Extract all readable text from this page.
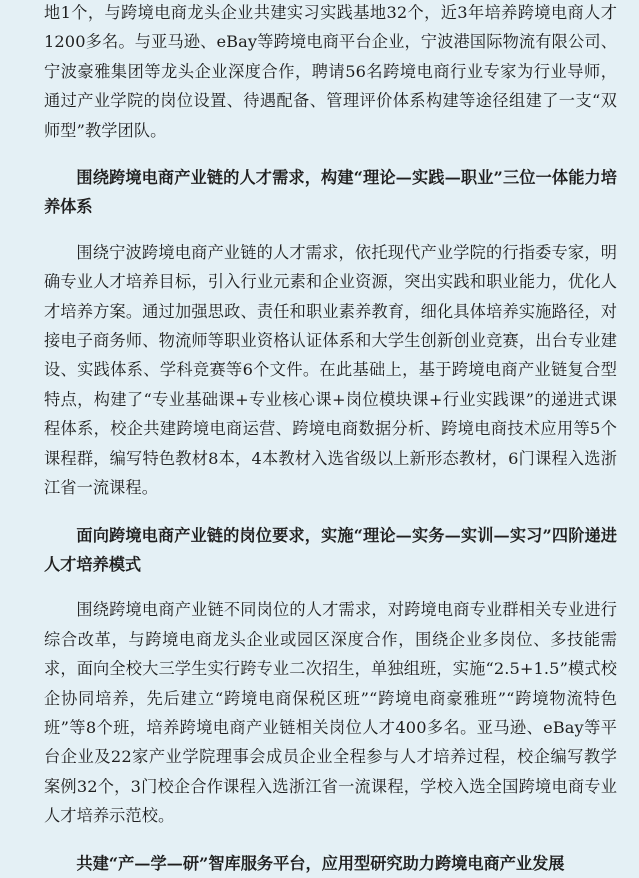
地1个，与跨境电商龙头企业共建实习实践基地32个，近3年培养跨境电商人才1200多名。与亚马逊、eBay等跨境电商平台企业，宁波港国际物流有限公司、宁波豪雅集团等龙头企业深度合作，聘请56名跨境电商行业专家为行业导师，通过产业学院的岗位设置、待遇配备、管理评价体系构建等途径组建了一支“双师型”教学团队。

围绕跨境电商产业链的人才需求，构建“理论—实践—职业”三位一体能力培养体系

围绕宁波跨境电商产业链的人才需求，依托现代产业学院的行指委专家，明确专业人才培养目标，引入行业元素和企业资源，突出实践和职业能力，优化人才培养方案。通过加强思政、责任和职业素养教育，细化具体培养实施路径，对接电子商务师、物流师等职业资格认证体系和大学生创新创业竞赛，出台专业建设、实践体系、学科竞赛等6个文件。在此基础上，基于跨境电商产业链复合型特点，构建了“专业基础课+专业核心课+岗位模块课+行业实践课”的递进式课程体系，校企共建跨境电商运营、跨境电商数据分析、跨境电商技术应用等5个课程群，编写特色教材8本，4本教材入选省级以上新形态教材，6门课程入选浙江省一流课程。

面向跨境电商产业链的岗位要求，实施“理论—实务—实训—实习”四阶递进人才培养模式

围绕跨境电商产业链不同岗位的人才需求，对跨境电商专业群相关专业进行综合改革，与跨境电商龙头企业或园区深度合作，围绕企业多岗位、多技能需求，面向全校大三学生实行跨专业二次招生，单独组班，实施“2.5+1.5”模式校企协同培养，先后建立“跨境电商保税区班”“跨境电商豪雅班”“跨境物流特色班”等8个班，培养跨境电商产业链相关岗位人才400多名。亚马逊、eBay等平台企业及22家产业学院理事会成员企业全程参与人才培养过程，校企编写教学案例32个，3门校企合作课程入选浙江省一流课程，学校入选全国跨境电商专业人才培养示范校。

共建“产—学—研”智库服务平台，应用型研究助力跨境电商产业发展
